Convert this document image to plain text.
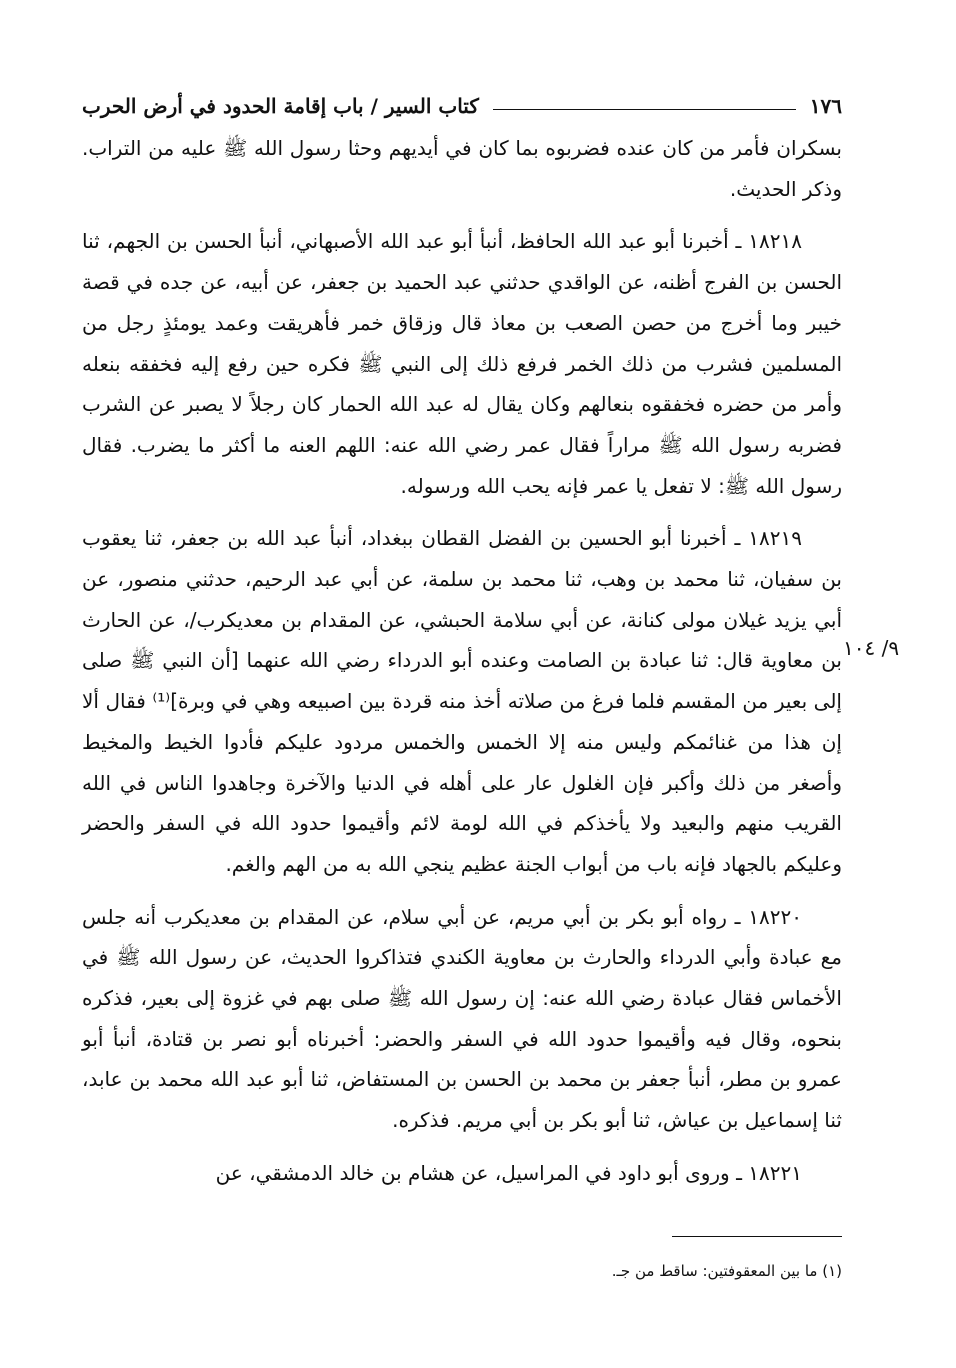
١٧٦
كتاب السير / باب إقامة الحدود في أرض الحرب

بسكران فأمر من كان عنده فضربوه بما كان في أيديهم وحثا رسول الله ﷺ عليه من التراب. وذكر الحديث.

١٨٢١٨ ـ أخبرنا أبو عبد الله الحافظ، أنبأ أبو عبد الله الأصبهاني، أنبأ الحسن بن الجهم، ثنا الحسن بن الفرج أظنه، عن الواقدي حدثني عبد الحميد بن جعفر، عن أبيه، عن جده في قصة خيبر وما أخرج من حصن الصعب بن معاذ قال وزقاق خمر فأهريقت وعمد يومئذٍ رجل من المسلمين فشرب من ذلك الخمر فرفع ذلك إلى النبي ﷺ فكره حين رفع إليه فخفقه بنعله وأمر من حضره فخفقوه بنعالهم وكان يقال له عبد الله الحمار كان رجلاً لا يصبر عن الشرب فضربه رسول الله ﷺ مراراً فقال عمر رضي الله عنه: اللهم العنه ما أكثر ما يضرب. فقال رسول الله ﷺ: لا تفعل يا عمر فإنه يحب الله ورسوله.

١٨٢١٩ ـ أخبرنا أبو الحسين بن الفضل القطان ببغداد، أنبأ عبد الله بن جعفر، ثنا يعقوب بن سفيان، ثنا محمد بن وهب، ثنا محمد بن سلمة، عن أبي عبد الرحيم، حدثني منصور، عن أبي يزيد غيلان مولى كنانة، عن أبي سلامة الحبشي، عن المقدام بن معديكرب/، عن الحارث بن معاوية قال: ثنا عبادة بن الصامت وعنده أبو الدرداء رضي الله عنهما [أن النبي ﷺ صلى إلى بعير من المقسم فلما فرغ من صلاته أخذ منه قردة بين اصبيعه وهي في وبرة]⁽¹⁾ فقال ألا إن هذا من غنائمكم وليس منه إلا الخمس والخمس مردود عليكم فأدوا الخيط والمخيط وأصغر من ذلك وأكبر فإن الغلول عار على أهله في الدنيا والآخرة وجاهدوا الناس في الله القريب منهم والبعيد ولا يأخذكم في الله لومة لائم وأقيموا حدود الله في السفر والحضر وعليكم بالجهاد فإنه باب من أبواب الجنة عظيم ينجي الله به من الهم والغم.

١٨٢٢٠ ـ رواه أبو بكر بن أبي مريم، عن أبي سلام، عن المقدام بن معديكرب أنه جلس مع عبادة وأبي الدرداء والحارث بن معاوية الكندي فتذاكروا الحديث، عن رسول الله ﷺ في الأخماس فقال عبادة رضي الله عنه: إن رسول الله ﷺ صلى بهم في غزوة إلى بعير، فذكره بنحوه، وقال فيه وأقيموا حدود الله في السفر والحضر: أخبرناه أبو نصر بن قتادة، أنبأ أبو عمرو بن مطر، أنبأ جعفر بن محمد بن الحسن بن المستفاض، ثنا أبو عبد الله محمد بن عابد، ثنا إسماعيل بن عياش، ثنا أبو بكر بن أبي مريم. فذكره.

١٨٢٢١ ـ وروى أبو داود في المراسيل، عن هشام بن خالد الدمشقي، عن

٩/ ١٠٤
(١) ما بين المعقوفتين: ساقط من جـ.
